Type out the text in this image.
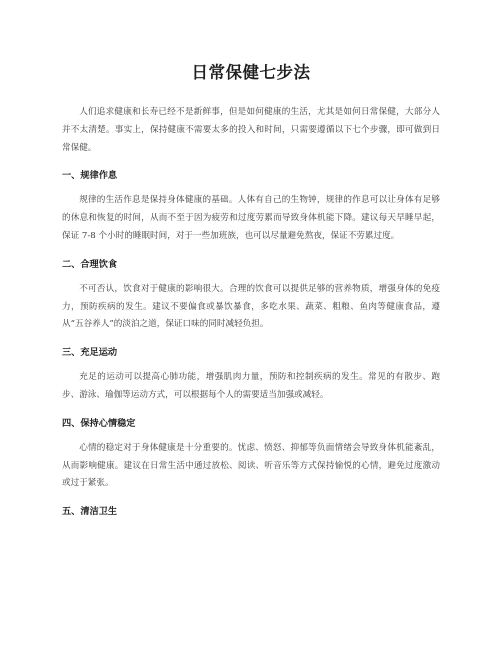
日常保健七步法

人们追求健康和长寿已经不是新鲜事，但是如何健康的生活，尤其是如何日常保健，大部分人并不太清楚。事实上，保持健康不需要太多的投入和时间，只需要遵循以下七个步骤，即可做到日常保健。

一、规律作息

规律的生活作息是保持身体健康的基础。人体有自己的生物钟，规律的作息可以让身体有足够的休息和恢复的时间，从而不至于因为疲劳和过度劳累而导致身体机能下降。建议每天早睡早起，保证 7-8 个小时的睡眠时间，对于一些加班族，也可以尽量避免熬夜，保证不劳累过度。

二、合理饮食

不可否认，饮食对于健康的影响很大。合理的饮食可以提供足够的营养物质，增强身体的免疫力，预防疾病的发生。建议不要偏食或暴饮暴食，多吃水果、蔬菜、粗粮、鱼肉等健康食品，遵从“五谷养人”的淡泊之道，保证口味的同时减轻负担。

三、充足运动

充足的运动可以提高心肺功能，增强肌肉力量，预防和控制疾病的发生。常见的有散步、跑步、游泳、瑜伽等运动方式，可以根据每个人的需要适当加强或减轻。

四、保持心情稳定

心情的稳定对于身体健康是十分重要的。忧虑、愤怒、抑郁等负面情绪会导致身体机能紊乱，从而影响健康。建议在日常生活中通过放松、阅读、听音乐等方式保持愉悦的心情，避免过度激动或过于紧张。

五、清洁卫生
